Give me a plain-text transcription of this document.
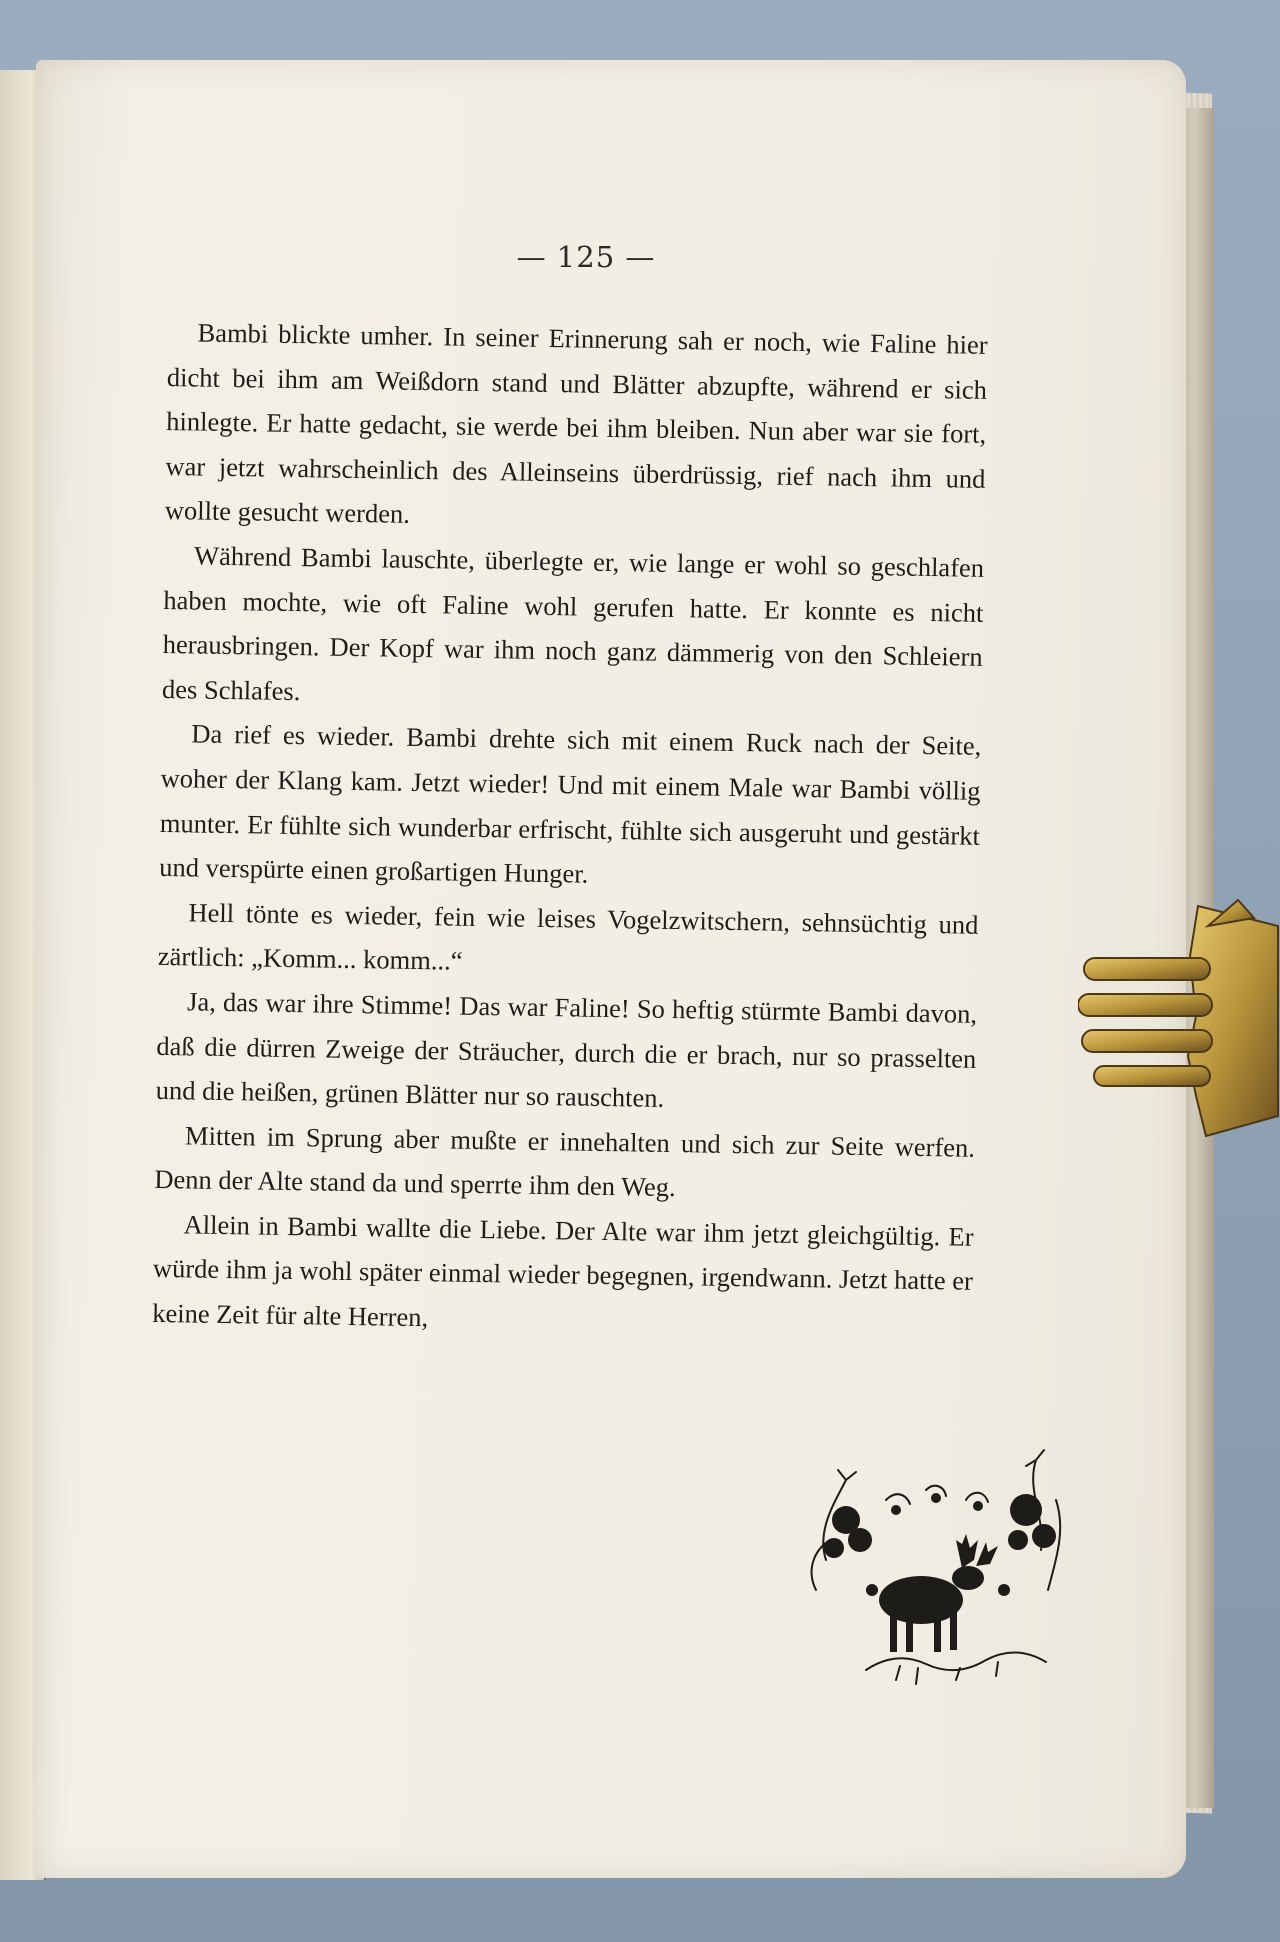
— 125 —

Bambi blickte umher. In seiner Erinnerung sah er noch, wie Faline hier dicht bei ihm am Weißdorn stand und Blätter abzupfte, während er sich hinlegte. Er hatte gedacht, sie werde bei ihm bleiben. Nun aber war sie fort, war jetzt wahrscheinlich des Alleinseins überdrüssig, rief nach ihm und wollte gesucht werden.

Während Bambi lauschte, überlegte er, wie lange er wohl so geschlafen haben mochte, wie oft Faline wohl gerufen hatte. Er konnte es nicht herausbringen. Der Kopf war ihm noch ganz dämmerig von den Schleiern des Schlafes.

Da rief es wieder. Bambi drehte sich mit einem Ruck nach der Seite, woher der Klang kam. Jetzt wieder! Und mit einem Male war Bambi völlig munter. Er fühlte sich wunderbar erfrischt, fühlte sich ausgeruht und gestärkt und verspürte einen großartigen Hunger.

Hell tönte es wieder, fein wie leises Vogelzwitschern, sehnsüchtig und zärtlich: „Komm... komm...“

Ja, das war ihre Stimme! Das war Faline! So heftig stürmte Bambi davon, daß die dürren Zweige der Sträucher, durch die er brach, nur so prasselten und die heißen, grünen Blätter nur so rauschten.

Mitten im Sprung aber mußte er innehalten und sich zur Seite werfen. Denn der Alte stand da und sperrte ihm den Weg.

Allein in Bambi wallte die Liebe. Der Alte war ihm jetzt gleichgültig. Er würde ihm ja wohl später einmal wieder begegnen, irgendwann. Jetzt hatte er keine Zeit für alte Herren,
